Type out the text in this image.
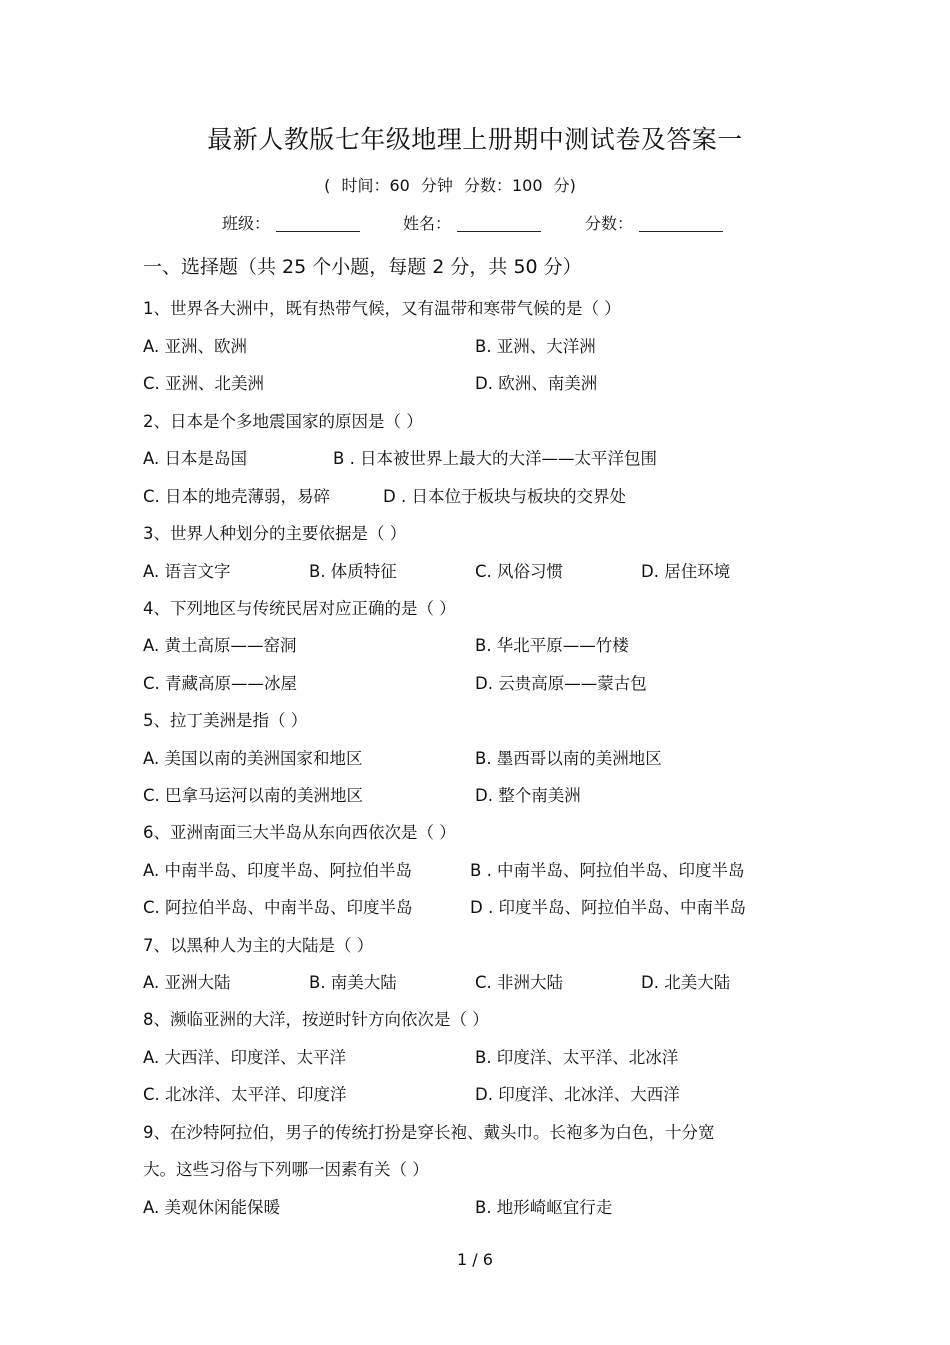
最新人教版七年级地理上册期中测试卷及答案一
( 时间：60 分钟 分数：100 分)
班级：	姓名：	分数：
一、选择题（共 25 个小题，每题 2 分，共 50 分）
1、世界各大洲中，既有热带气候，又有温带和寒带气候的是（ ）
A. 亚洲、欧洲	B. 亚洲、大洋洲
C. 亚洲、北美洲	D. 欧洲、南美洲
2、日本是个多地震国家的原因是（ ）
A. 日本是岛国	B . 日本被世界上最大的大洋——太平洋包围
C. 日本的地壳薄弱，易碎	D . 日本位于板块与板块的交界处
3、世界人种划分的主要依据是（ ）
A. 语言文字	B. 体质特征	C. 风俗习惯	D. 居住环境
4、下列地区与传统民居对应正确的是（ ）
A. 黄土高原——窑洞	B. 华北平原——竹楼
C. 青藏高原——冰屋	D. 云贵高原——蒙古包
5、拉丁美洲是指（ ）
A. 美国以南的美洲国家和地区	B. 墨西哥以南的美洲地区
C. 巴拿马运河以南的美洲地区	D. 整个南美洲
6、亚洲南面三大半岛从东向西依次是（ ）
A. 中南半岛、印度半岛、阿拉伯半岛	B . 中南半岛、阿拉伯半岛、印度半岛
C. 阿拉伯半岛、中南半岛、印度半岛	D . 印度半岛、阿拉伯半岛、中南半岛
7、以黑种人为主的大陆是（ ）
A. 亚洲大陆	B. 南美大陆	C. 非洲大陆	D. 北美大陆
8、濒临亚洲的大洋，按逆时针方向依次是（ ）
A. 大西洋、印度洋、太平洋	B. 印度洋、太平洋、北冰洋
C. 北冰洋、太平洋、印度洋	D. 印度洋、北冰洋、大西洋
9、在沙特阿拉伯，男子的传统打扮是穿长袍、戴头巾。长袍多为白色，十分宽
大。这些习俗与下列哪一因素有关（ ）
A. 美观休闲能保暖	B. 地形崎岖宜行走
1 / 6
